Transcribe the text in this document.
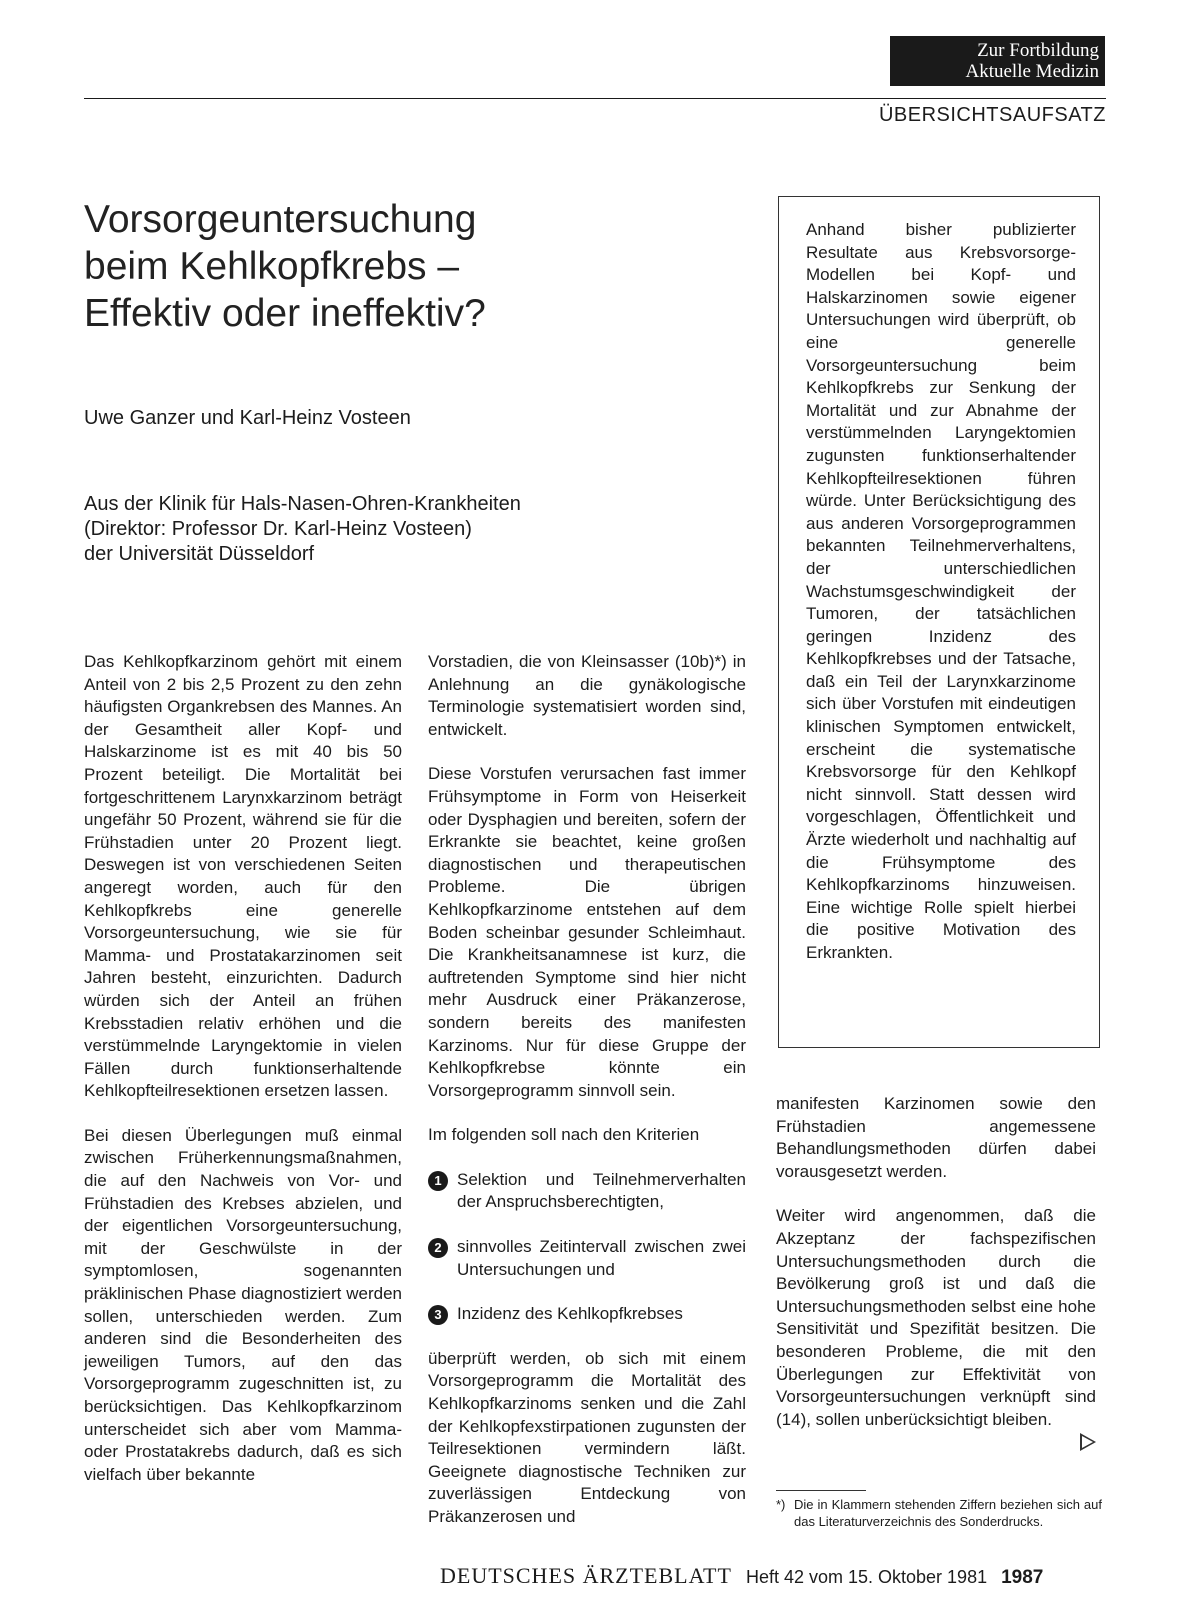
Zur Fortbildung
Aktuelle Medizin
ÜBERSICHTSAUFSATZ
Vorsorgeuntersuchung
beim Kehlkopfkrebs –
Effektiv oder ineffektiv?
Uwe Ganzer und Karl-Heinz Vosteen
Aus der Klinik für Hals-Nasen-Ohren-Krankheiten
(Direktor: Professor Dr. Karl-Heinz Vosteen)
der Universität Düsseldorf

Anhand bisher publizierter Resultate aus Krebsvorsorge-Modellen bei Kopf- und Halskarzinomen sowie eigener Untersuchungen wird überprüft, ob eine generelle Vorsorgeuntersuchung beim Kehlkopfkrebs zur Senkung der Mortalität und zur Abnahme der verstümmelnden Laryngektomien zugunsten funktionserhaltender Kehlkopfteilresektionen führen würde. Unter Berücksichtigung des aus anderen Vorsorgeprogrammen bekannten Teilnehmerverhaltens, der unterschiedlichen Wachstumsgeschwindigkeit der Tumoren, der tatsächlichen geringen Inzidenz des Kehlkopfkrebses und der Tatsache, daß ein Teil der Larynxkarzinome sich über Vorstufen mit eindeutigen klinischen Symptomen entwickelt, erscheint die systematische Krebsvorsorge für den Kehlkopf nicht sinnvoll. Statt dessen wird vorgeschlagen, Öffentlichkeit und Ärzte wiederholt und nachhaltig auf die Frühsymptome des Kehlkopfkarzinoms hinzuweisen. Eine wichtige Rolle spielt hierbei die positive Motivation des Erkrankten.

Das Kehlkopfkarzinom gehört mit einem Anteil von 2 bis 2,5 Prozent zu den zehn häufigsten Organkrebsen des Mannes. An der Gesamtheit aller Kopf- und Halskarzinome ist es mit 40 bis 50 Prozent beteiligt. Die Mortalität bei fortgeschrittenem Larynxkarzinom beträgt ungefähr 50 Prozent, während sie für die Frühstadien unter 20 Prozent liegt. Deswegen ist von verschiedenen Seiten angeregt worden, auch für den Kehlkopfkrebs eine generelle Vorsorgeuntersuchung, wie sie für Mamma- und Prostatakarzinomen seit Jahren besteht, einzurichten. Dadurch würden sich der Anteil an frühen Krebsstadien relativ erhöhen und die verstümmelnde Laryngektomie in vielen Fällen durch funktionserhaltende Kehlkopfteilresektionen ersetzen lassen.

Bei diesen Überlegungen muß einmal zwischen Früherkennungsmaßnahmen, die auf den Nachweis von Vor- und Frühstadien des Krebses abzielen, und der eigentlichen Vorsorgeuntersuchung, mit der Geschwülste in der symptomlosen, sogenannten präklinischen Phase diagnostiziert werden sollen, unterschieden werden. Zum anderen sind die Besonderheiten des jeweiligen Tumors, auf den das Vorsorgeprogramm zugeschnitten ist, zu berücksichtigen. Das Kehlkopfkarzinom unterscheidet sich aber vom Mamma- oder Prostatakrebs dadurch, daß es sich vielfach über bekannte

Vorstadien, die von Kleinsasser (10b)*) in Anlehnung an die gynäkologische Terminologie systematisiert worden sind, entwickelt.

Diese Vorstufen verursachen fast immer Frühsymptome in Form von Heiserkeit oder Dysphagien und bereiten, sofern der Erkrankte sie beachtet, keine großen diagnostischen und therapeutischen Probleme. Die übrigen Kehlkopfkarzinome entstehen auf dem Boden scheinbar gesunder Schleimhaut. Die Krankheitsanamnese ist kurz, die auftretenden Symptome sind hier nicht mehr Ausdruck einer Präkanzerose, sondern bereits des manifesten Karzinoms. Nur für diese Gruppe der Kehlkopfkrebse könnte ein Vorsorgeprogramm sinnvoll sein.

Im folgenden soll nach den Kriterien

1 Selektion und Teilnehmerverhalten der Anspruchsberechtigten,

2 sinnvolles Zeitintervall zwischen zwei Untersuchungen und

3 Inzidenz des Kehlkopfkrebses

überprüft werden, ob sich mit einem Vorsorgeprogramm die Mortalität des Kehlkopfkarzinoms senken und die Zahl der Kehlkopfexstirpationen zugunsten der Teilresektionen vermindern läßt. Geeignete diagnostische Techniken zur zuverlässigen Entdeckung von Präkanzerosen und

manifesten Karzinomen sowie den Frühstadien angemessene Behandlungsmethoden dürfen dabei vorausgesetzt werden.

Weiter wird angenommen, daß die Akzeptanz der fachspezifischen Untersuchungsmethoden durch die Bevölkerung groß ist und daß die Untersuchungsmethoden selbst eine hohe Sensitivität und Spezifität besitzen. Die besonderen Probleme, die mit den Überlegungen zur Effektivität von Vorsorgeuntersuchungen verknüpft sind (14), sollen unberücksichtigt bleiben.

*) Die in Klammern stehenden Ziffern beziehen sich auf das Literaturverzeichnis des Sonderdrucks.
DEUTSCHES ÄRZTEBLATT Heft 42 vom 15. Oktober 1981 1987
